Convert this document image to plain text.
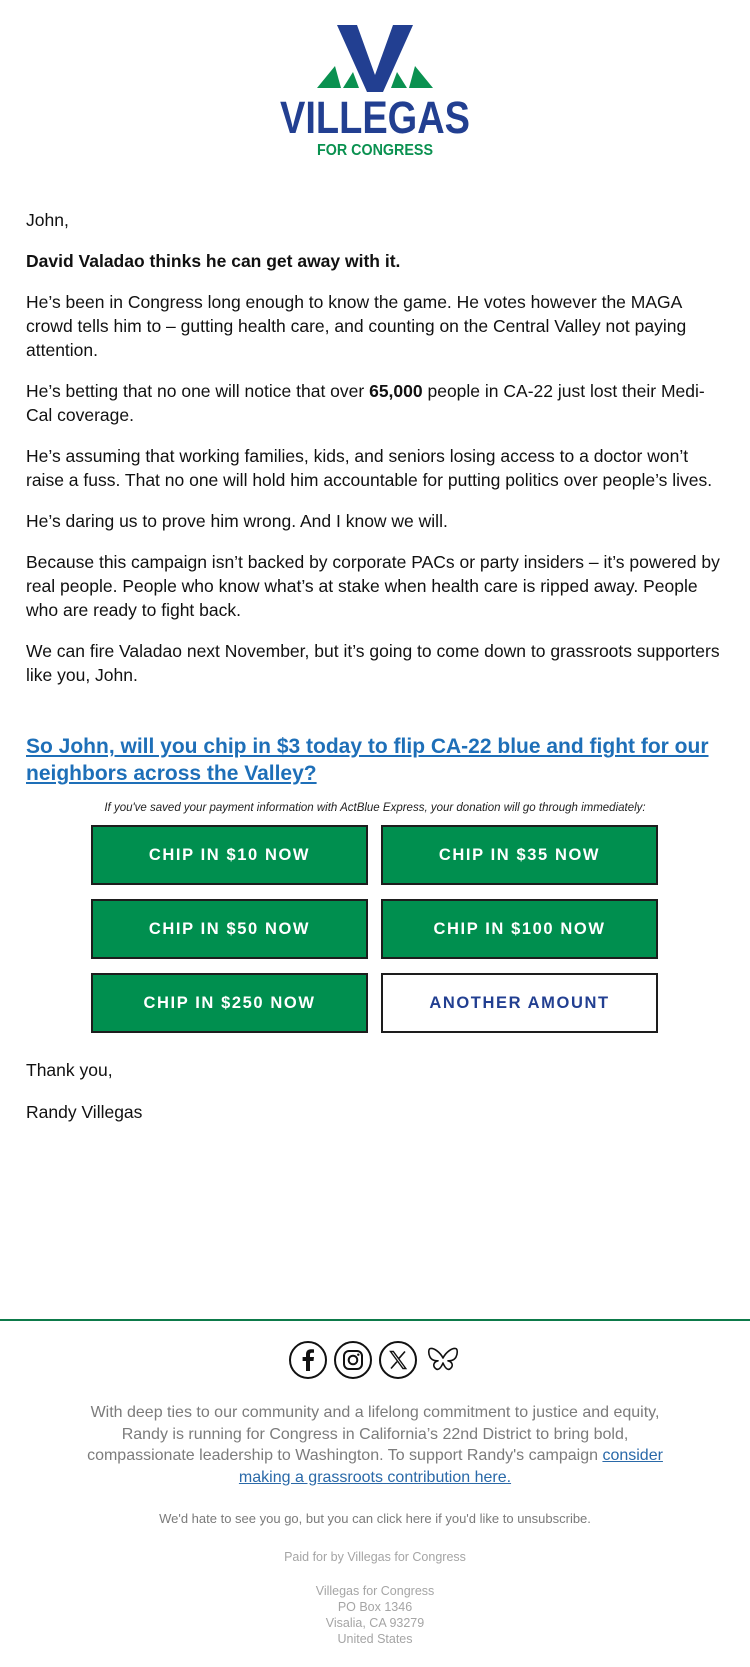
VILLEGAS
FOR CONGRESS

John,

David Valadao thinks he can get away with it.

He’s been in Congress long enough to know the game. He votes however the MAGA crowd tells him to – gutting health care, and counting on the Central Valley not paying attention.

He’s betting that no one will notice that over 65,000 people in CA-22 just lost their Medi-Cal coverage.

He’s assuming that working families, kids, and seniors losing access to a doctor won’t raise a fuss. That no one will hold him accountable for putting politics over people’s lives.

He’s daring us to prove him wrong. And I know we will.

Because this campaign isn’t backed by corporate PACs or party insiders – it’s powered by real people. People who know what’s at stake when health care is ripped away. People who are ready to fight back.

We can fire Valadao next November, but it’s going to come down to grassroots supporters like you, John.

So John, will you chip in $3 today to flip CA-22 blue and fight for our neighbors across the Valley?
If you've saved your payment information with ActBlue Express, your donation will go through immediately:
CHIP IN $10 NOW	CHIP IN $35 NOW
CHIP IN $50 NOW	CHIP IN $100 NOW
CHIP IN $250 NOW	ANOTHER AMOUNT

Thank you,

Randy Villegas

With deep ties to our community and a lifelong commitment to justice and equity, Randy is running for Congress in California’s 22nd District to bring bold, compassionate leadership to Washington. To support Randy's campaign consider making a grassroots contribution here.
We'd hate to see you go, but you can click here if you'd like to unsubscribe.
Paid for by Villegas for Congress
Villegas for Congress
PO Box 1346
Visalia, CA 93279
United States
